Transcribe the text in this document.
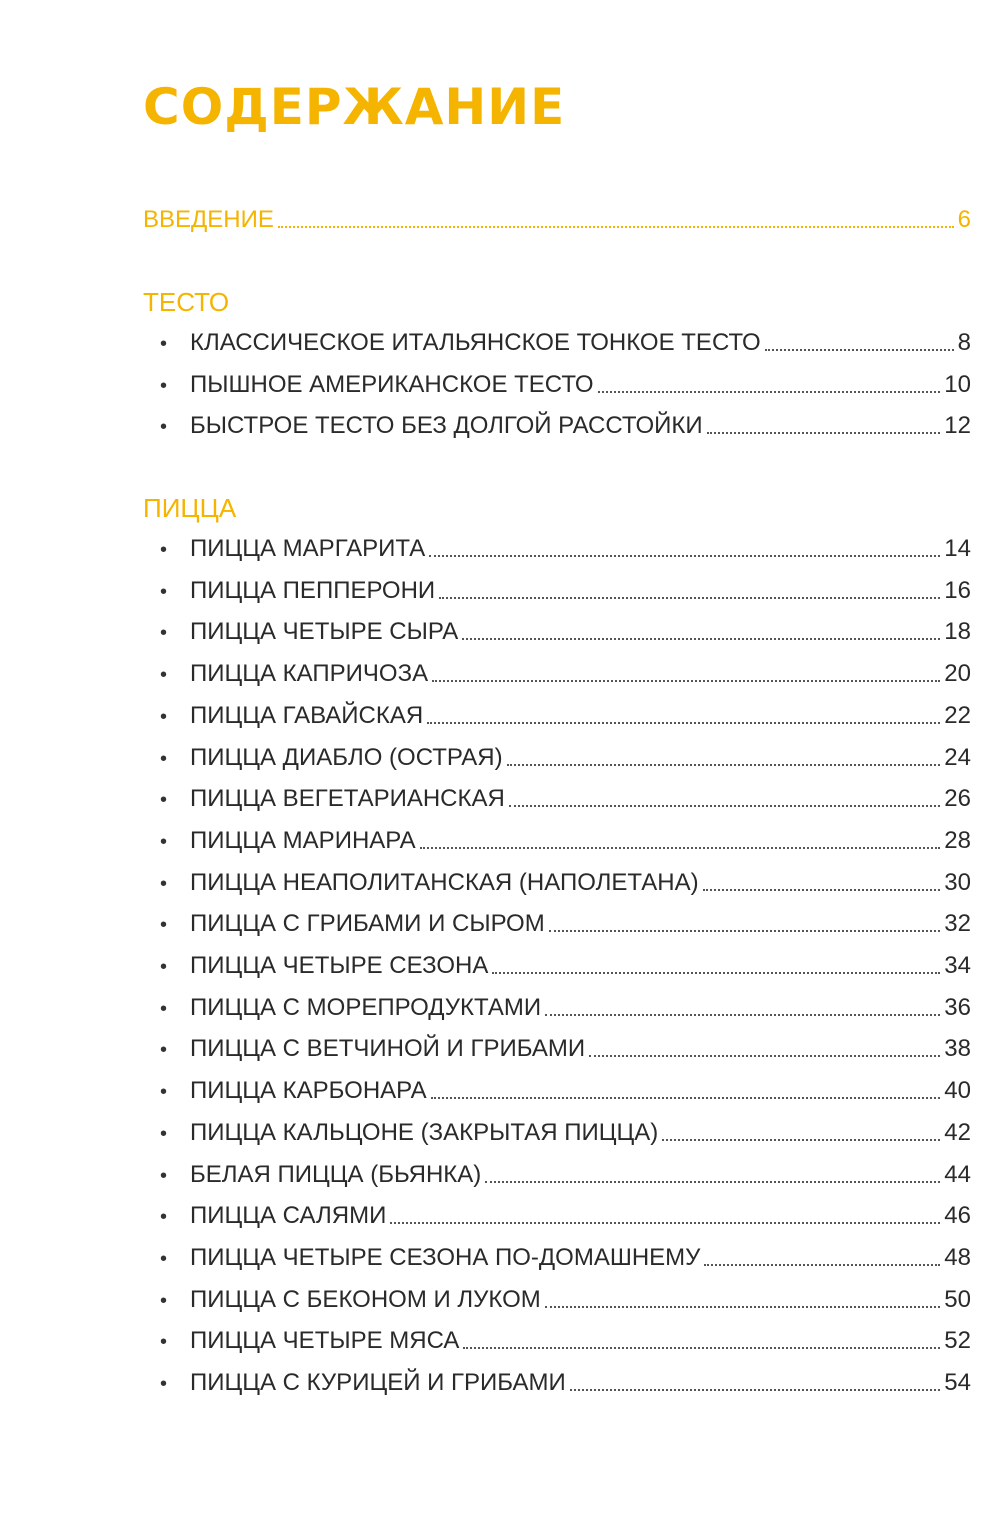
СОДЕРЖАНИЕ
ВВЕДЕНИЕ	6
ТЕСТО
• КЛАССИЧЕСКОЕ ИТАЛЬЯНСКОЕ ТОНКОЕ ТЕСТО	8
• ПЫШНОЕ АМЕРИКАНСКОЕ ТЕСТО	10
• БЫСТРОЕ ТЕСТО БЕЗ ДОЛГОЙ РАССТОЙКИ	12
ПИЦЦА
• ПИЦЦА МАРГАРИТА	14
• ПИЦЦА ПЕППЕРОНИ	16
• ПИЦЦА ЧЕТЫРЕ СЫРА	18
• ПИЦЦА КАПРИЧОЗА	20
• ПИЦЦА ГАВАЙСКАЯ	22
• ПИЦЦА ДИАБЛО (ОСТРАЯ)	24
• ПИЦЦА ВЕГЕТАРИАНСКАЯ	26
• ПИЦЦА МАРИНАРА	28
• ПИЦЦА НЕАПОЛИТАНСКАЯ (НАПОЛЕТАНА)	30
• ПИЦЦА С ГРИБАМИ И СЫРОМ	32
• ПИЦЦА ЧЕТЫРЕ СЕЗОНА	34
• ПИЦЦА С МОРЕПРОДУКТАМИ	36
• ПИЦЦА С ВЕТЧИНОЙ И ГРИБАМИ	38
• ПИЦЦА КАРБОНАРА	40
• ПИЦЦА КАЛЬЦОНЕ (ЗАКРЫТАЯ ПИЦЦА)	42
• БЕЛАЯ ПИЦЦА (БЬЯНКА)	44
• ПИЦЦА САЛЯМИ	46
• ПИЦЦА ЧЕТЫРЕ СЕЗОНА ПО-ДОМАШНЕМУ	48
• ПИЦЦА С БЕКОНОМ И ЛУКОМ	50
• ПИЦЦА ЧЕТЫРЕ МЯСА	52
• ПИЦЦА С КУРИЦЕЙ И ГРИБАМИ	54
